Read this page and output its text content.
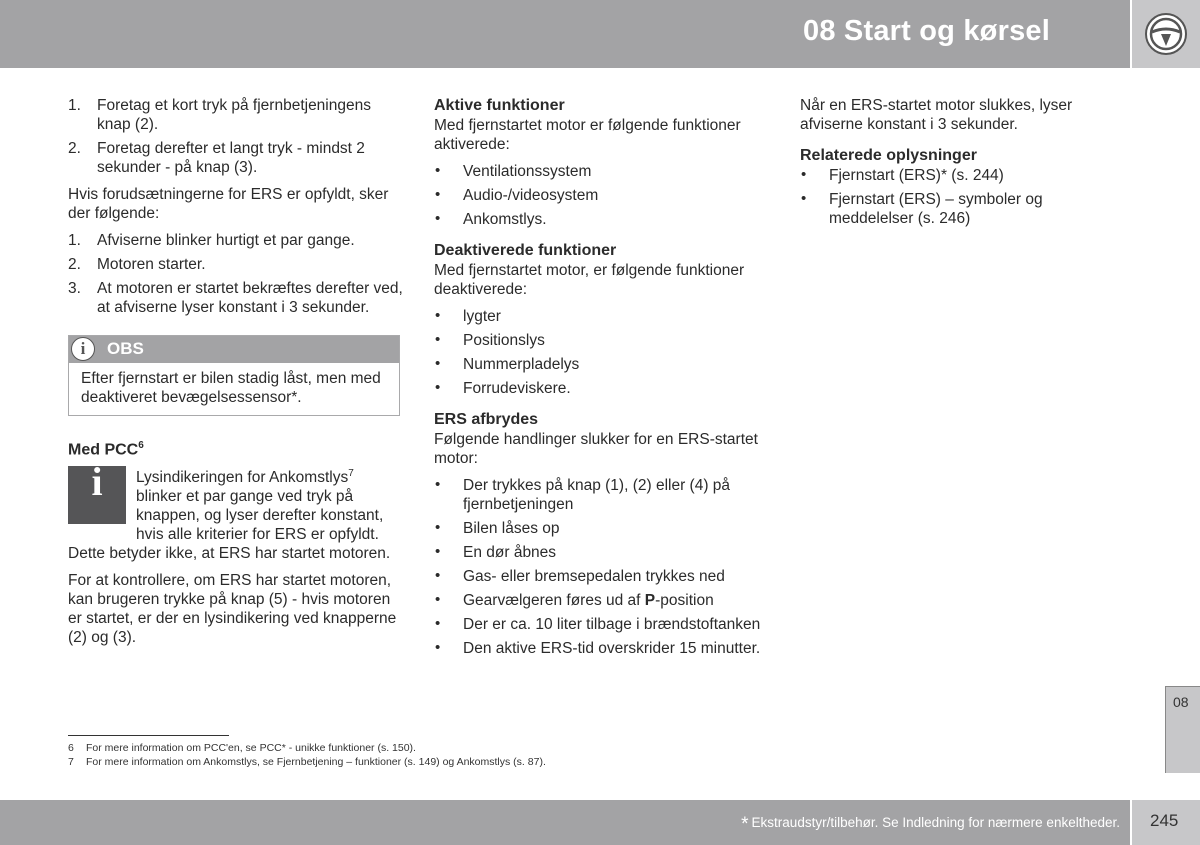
08 Start og kørsel
1. Foretag et kort tryk på fjernbetjeningens knap (2).
2. Foretag derefter et langt tryk - mindst 2 sekunder - på knap (3).

Hvis forudsætningerne for ERS er opfyldt, sker der følgende:

1. Afviserne blinker hurtigt et par gange.
2. Motoren starter.
3. At motoren er startet bekræftes derefter ved, at afviserne lyser konstant i 3 sekunder.
i	OBS

Efter fjernstart er bilen stadig låst, men med deaktiveret bevægelsessensor*.

Med PCC$^6$
i	Lysindikeringen for Ankomstlys$^7$ blinker et par gange ved tryk på knappen, og lyser derefter konstant, hvis alle kriterier for ERS er opfyldt.

Dette betyder ikke, at ERS har startet motoren.

For at kontrollere, om ERS har startet motoren, kan brugeren trykke på knap (5) - hvis motoren er startet, er der en lysindikering ved knapperne (2) og (3).

Aktive funktioner

Med fjernstartet motor er følgende funktioner aktiverede:

• Ventilationssystem
• Audio-/videosystem
• Ankomstlys.
Deaktiverede funktioner

Med fjernstartet motor, er følgende funktioner deaktiverede:

• lygter
• Positionslys
• Nummerpladelys
• Forrudeviskere.
ERS afbrydes

Følgende handlinger slukker for en ERS-startet motor:

• Der trykkes på knap (1), (2) eller (4) på fjernbetjeningen
• Bilen låses op
• En dør åbnes
• Gas- eller bremsepedalen trykkes ned
• Gearvælgeren føres ud af P-position
• Der er ca. 10 liter tilbage i brændstoftanken
• Den aktive ERS-tid overskrider 15 minutter.

Når en ERS-startet motor slukkes, lyser afviserne konstant i 3 sekunder.

Relaterede oplysninger
• Fjernstart (ERS)* (s. 244)
• Fjernstart (ERS) – symboler og meddelelser (s. 246)
08
6 For mere information om PCC'en, se PCC* - unikke funktioner (s. 150).
7 For mere information om Ankomstlys, se Fjernbetjening – funktioner (s. 149) og Ankomstlys (s. 87).
* Ekstraudstyr/tilbehør. Se Indledning for nærmere enkeltheder. 245
